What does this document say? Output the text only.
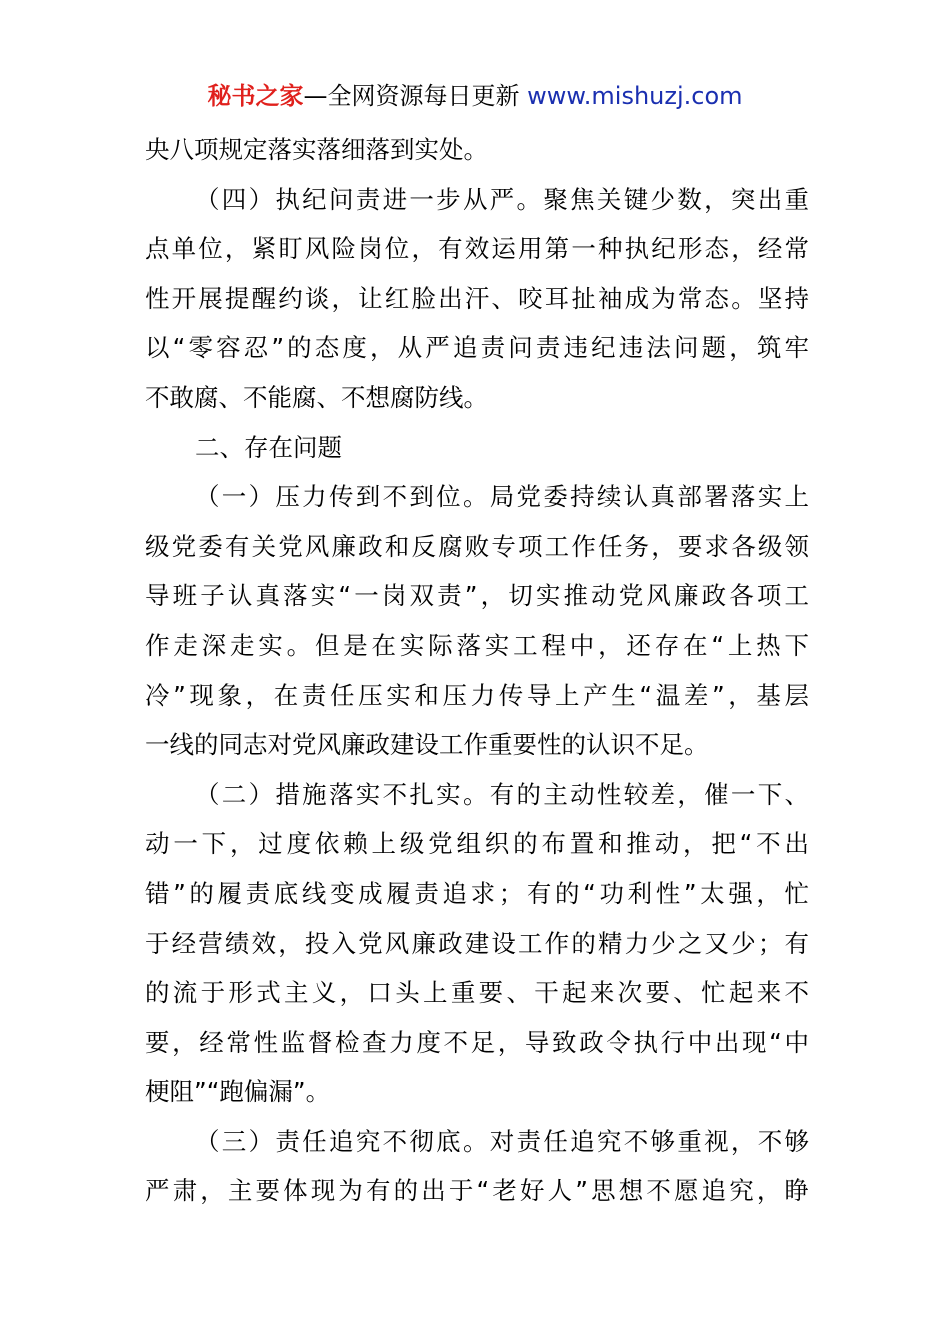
秘书之家—全网资源每日更新 www.mishuzj.com
央八项规定落实落细落到实处。
（四）执纪问责进一步从严。聚焦关键少数，突出重
点单位，紧盯风险岗位，有效运用第一种执纪形态，经常
性开展提醒约谈，让红脸出汗、咬耳扯袖成为常态。坚持
以“零容忍”的态度，从严追责问责违纪违法问题，筑牢
不敢腐、不能腐、不想腐防线。
二、存在问题
（一）压力传到不到位。局党委持续认真部署落实上
级党委有关党风廉政和反腐败专项工作任务，要求各级领
导班子认真落实“一岗双责”，切实推动党风廉政各项工
作走深走实。但是在实际落实工程中，还存在“上热下
冷”现象，在责任压实和压力传导上产生“温差”，基层
一线的同志对党风廉政建设工作重要性的认识不足。
（二）措施落实不扎实。有的主动性较差，催一下、
动一下，过度依赖上级党组织的布置和推动，把“不出
错”的履责底线变成履责追求；有的“功利性”太强，忙
于经营绩效，投入党风廉政建设工作的精力少之又少；有
的流于形式主义，口头上重要、干起来次要、忙起来不
要，经常性监督检查力度不足，导致政令执行中出现“中
梗阻”“跑偏漏”。
（三）责任追究不彻底。对责任追究不够重视，不够
严肃，主要体现为有的出于“老好人”思想不愿追究，睁
